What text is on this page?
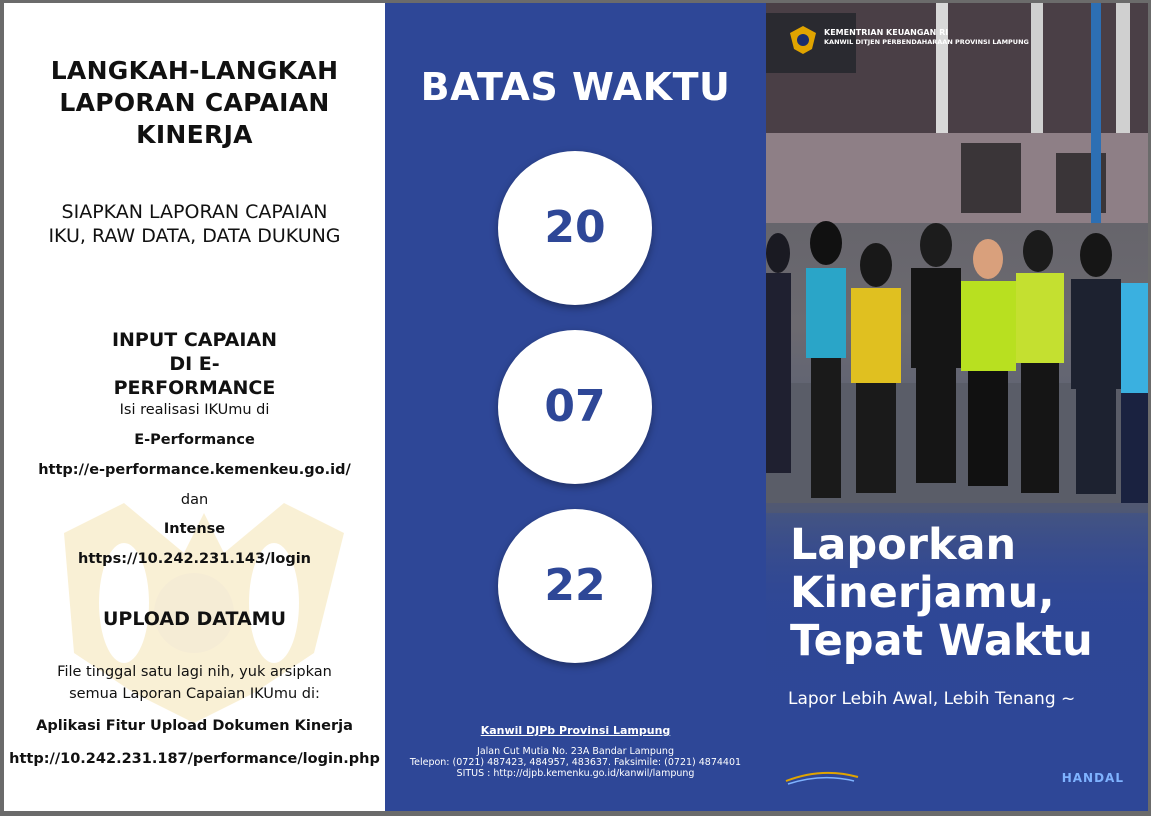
LANGKAH-LANGKAH LAPORAN CAPAIAN KINERJA
SIAPKAN LAPORAN CAPAIAN IKU, RAW DATA, DATA DUKUNG
INPUT CAPAIAN DI E-PERFORMANCE
Isi realisasi IKUmu di
E-Performance
http://e-performance.kemenkeu.go.id/
dan
Intense
https://10.242.231.143/login
UPLOAD DATAMU
File tinggal satu lagi nih, yuk arsipkan
semua Laporan Capaian IKUmu di:
Aplikasi Fitur Upload Dokumen Kinerja
http://10.242.231.187/performance/login.php
BATAS WAKTU
20
07
22
Kanwil DJPb Provinsi Lampung
Jalan Cut Mutia No. 23A Bandar Lampung
Telepon: (0721) 487423, 484957, 483637. Faksimile: (0721) 4874401
SITUS : http://djpb.kemenku.go.id/kanwil/lampung
KEMENTRIAN KEUANGAN RI
KANWIL DITJEN PERBENDAHARAAN PROVINSI LAMPUNG
Laporkan
Kinerjamu,
Tepat Waktu
Lapor Lebih Awal, Lebih Tenang ~
HANDAL
